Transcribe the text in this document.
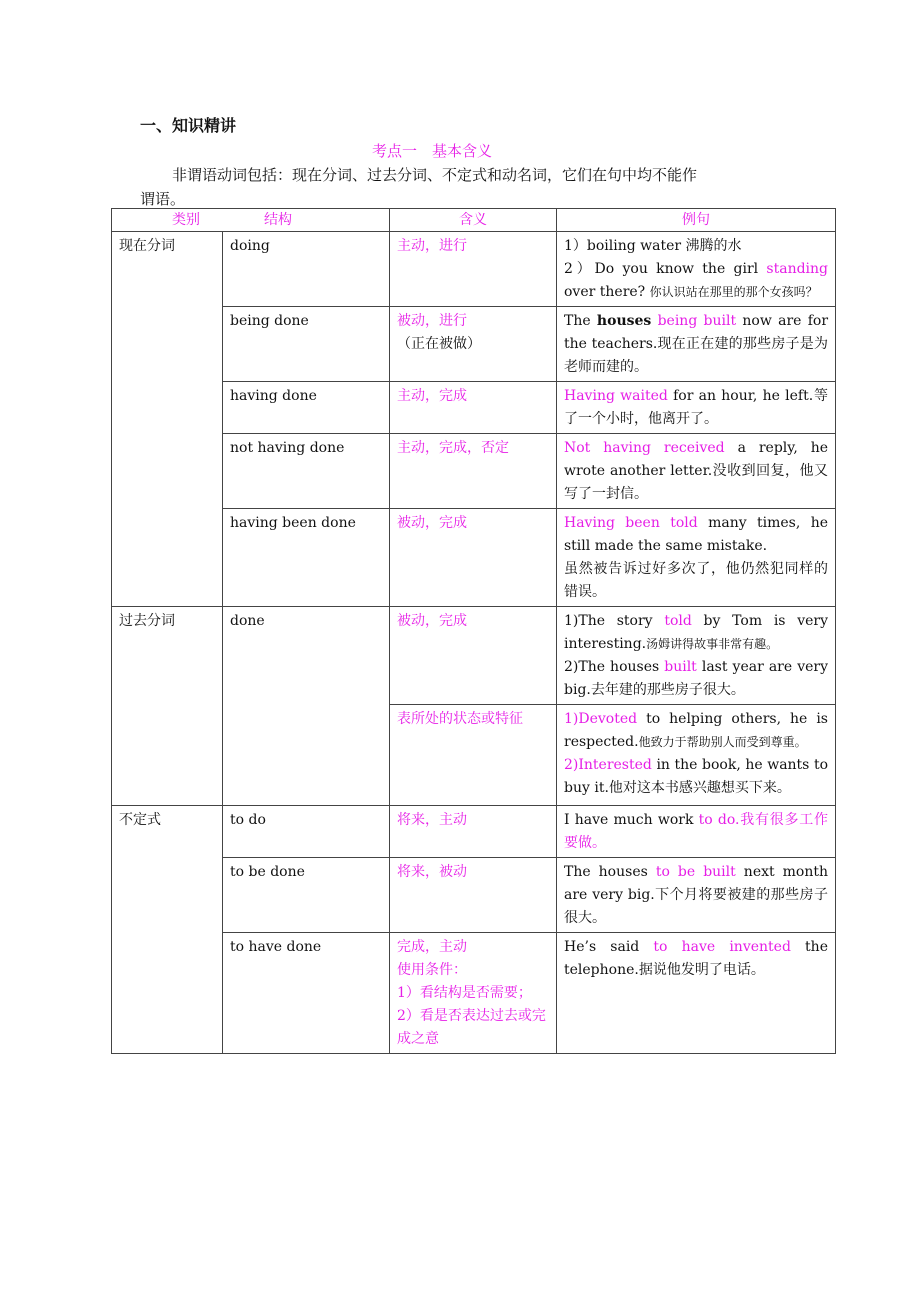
一、知识精讲

考点一　基本含义

非谓语动词包括：现在分词、过去分词、不定式和动名词，它们在句中均不能作

谓语。

类别 结构		含义	例句
现在分词	doing	主动，进行	1）boiling water 沸腾的水
2）Do you know the girl standing over there? 你认识站在那里的那个女孩吗？

	being done	被动，进行
（正在被做）	The houses being built now are for the teachers.现在正在建的那些房子是为老师而建的。

	having done	主动，完成	Having waited for an hour, he left.等了一个小时，他离开了。

	not having done	主动，完成，否定	Not having received a reply, he wrote another letter.没收到回复，他又写了一封信。

	having been done	被动，完成	Having been told many times, he still made the same mistake.
虽然被告诉过好多次了，他仍然犯同样的错误。

过去分词	done	被动，完成	1)The story told by Tom is very interesting.汤姆讲得故事非常有趣。
2)The houses built last year are very big.去年建的那些房子很大。

		表所处的状态或特征	1)Devoted to helping others, he is respected.他致力于帮助别人而受到尊重。
2)Interested in the book, he wants to buy it.他对这本书感兴趣想买下来。

不定式	to do	将来，主动	I have much work to do.我有很多工作要做。

	to be done	将来，被动	The houses to be built next month are very big.下个月将要被建的那些房子很大。

	to have done	完成，主动
使用条件：
1）看结构是否需要；
2）看是否表达过去或完成之意	He’s said to have invented the telephone.据说他发明了电话。
